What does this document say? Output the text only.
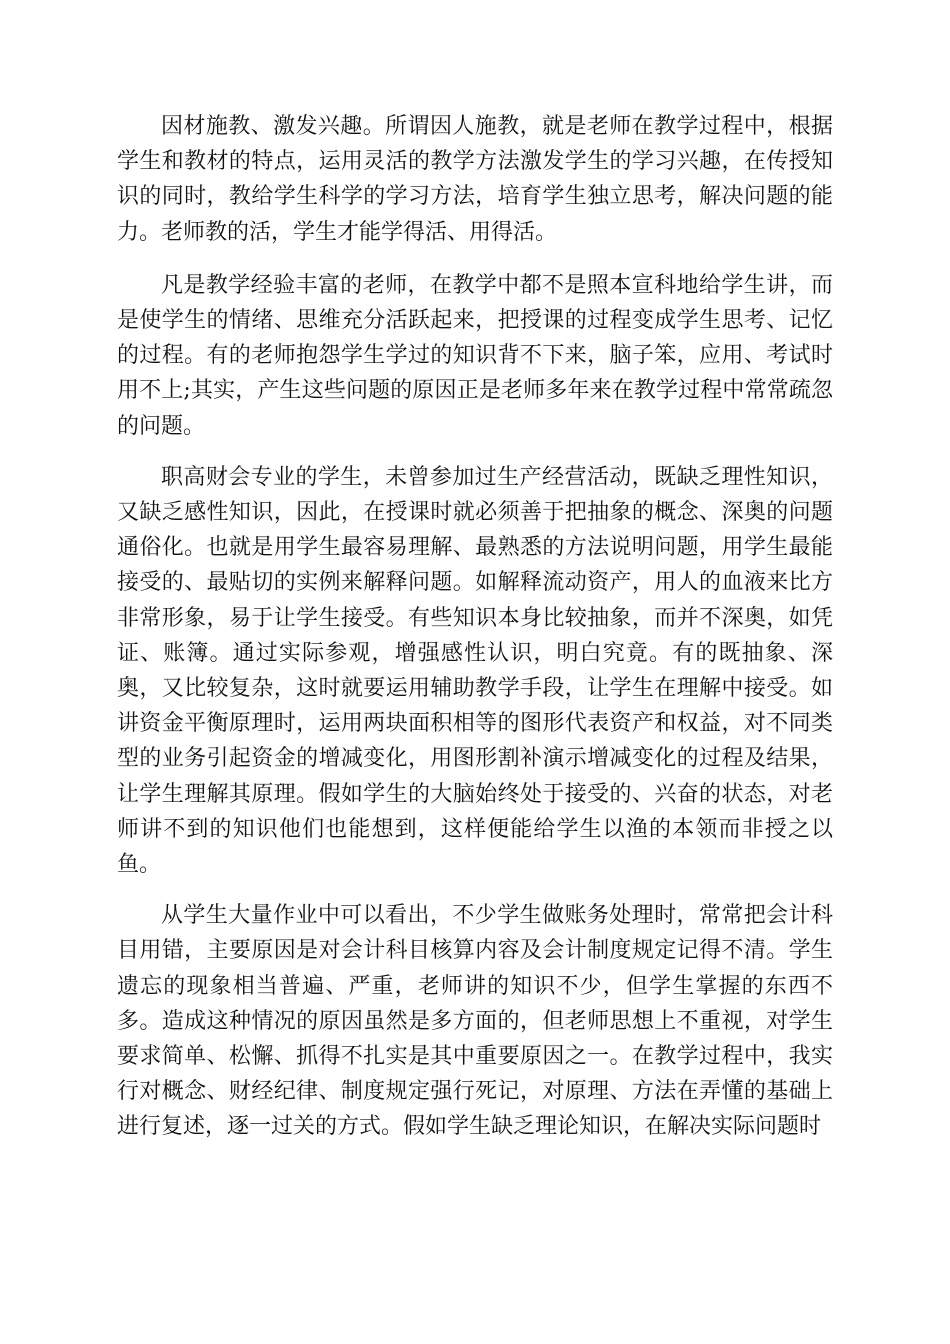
因材施教、激发兴趣。所谓因人施教，就是老师在教学过程中，根据学生和教材的特点，运用灵活的教学方法激发学生的学习兴趣，在传授知识的同时，教给学生科学的学习方法，培育学生独立思考，解决问题的能力。老师教的活，学生才能学得活、用得活。

凡是教学经验丰富的老师，在教学中都不是照本宣科地给学生讲，而是使学生的情绪、思维充分活跃起来，把授课的过程变成学生思考、记忆的过程。有的老师抱怨学生学过的知识背不下来，脑子笨，应用、考试时用不上;其实，产生这些问题的原因正是老师多年来在教学过程中常常疏忽的问题。

职高财会专业的学生，未曾参加过生产经营活动，既缺乏理性知识，又缺乏感性知识，因此，在授课时就必须善于把抽象的概念、深奥的问题通俗化。也就是用学生最容易理解、最熟悉的方法说明问题，用学生最能接受的、最贴切的实例来解释问题。如解释流动资产，用人的血液来比方非常形象，易于让学生接受。有些知识本身比较抽象，而并不深奥，如凭证、账簿。通过实际参观，增强感性认识，明白究竟。有的既抽象、深奥，又比较复杂，这时就要运用辅助教学手段，让学生在理解中接受。如讲资金平衡原理时，运用两块面积相等的图形代表资产和权益，对不同类型的业务引起资金的增减变化，用图形割补演示增减变化的过程及结果，让学生理解其原理。假如学生的大脑始终处于接受的、兴奋的状态，对老师讲不到的知识他们也能想到，这样便能给学生以渔的本领而非授之以鱼。

从学生大量作业中可以看出，不少学生做账务处理时，常常把会计科目用错，主要原因是对会计科目核算内容及会计制度规定记得不清。学生遗忘的现象相当普遍、严重，老师讲的知识不少，但学生掌握的东西不多。造成这种情况的原因虽然是多方面的，但老师思想上不重视，对学生要求简单、松懈、抓得不扎实是其中重要原因之一。在教学过程中，我实行对概念、财经纪律、制度规定强行死记，对原理、方法在弄懂的基础上进行复述，逐一过关的方式。假如学生缺乏理论知识，在解决实际问题时
